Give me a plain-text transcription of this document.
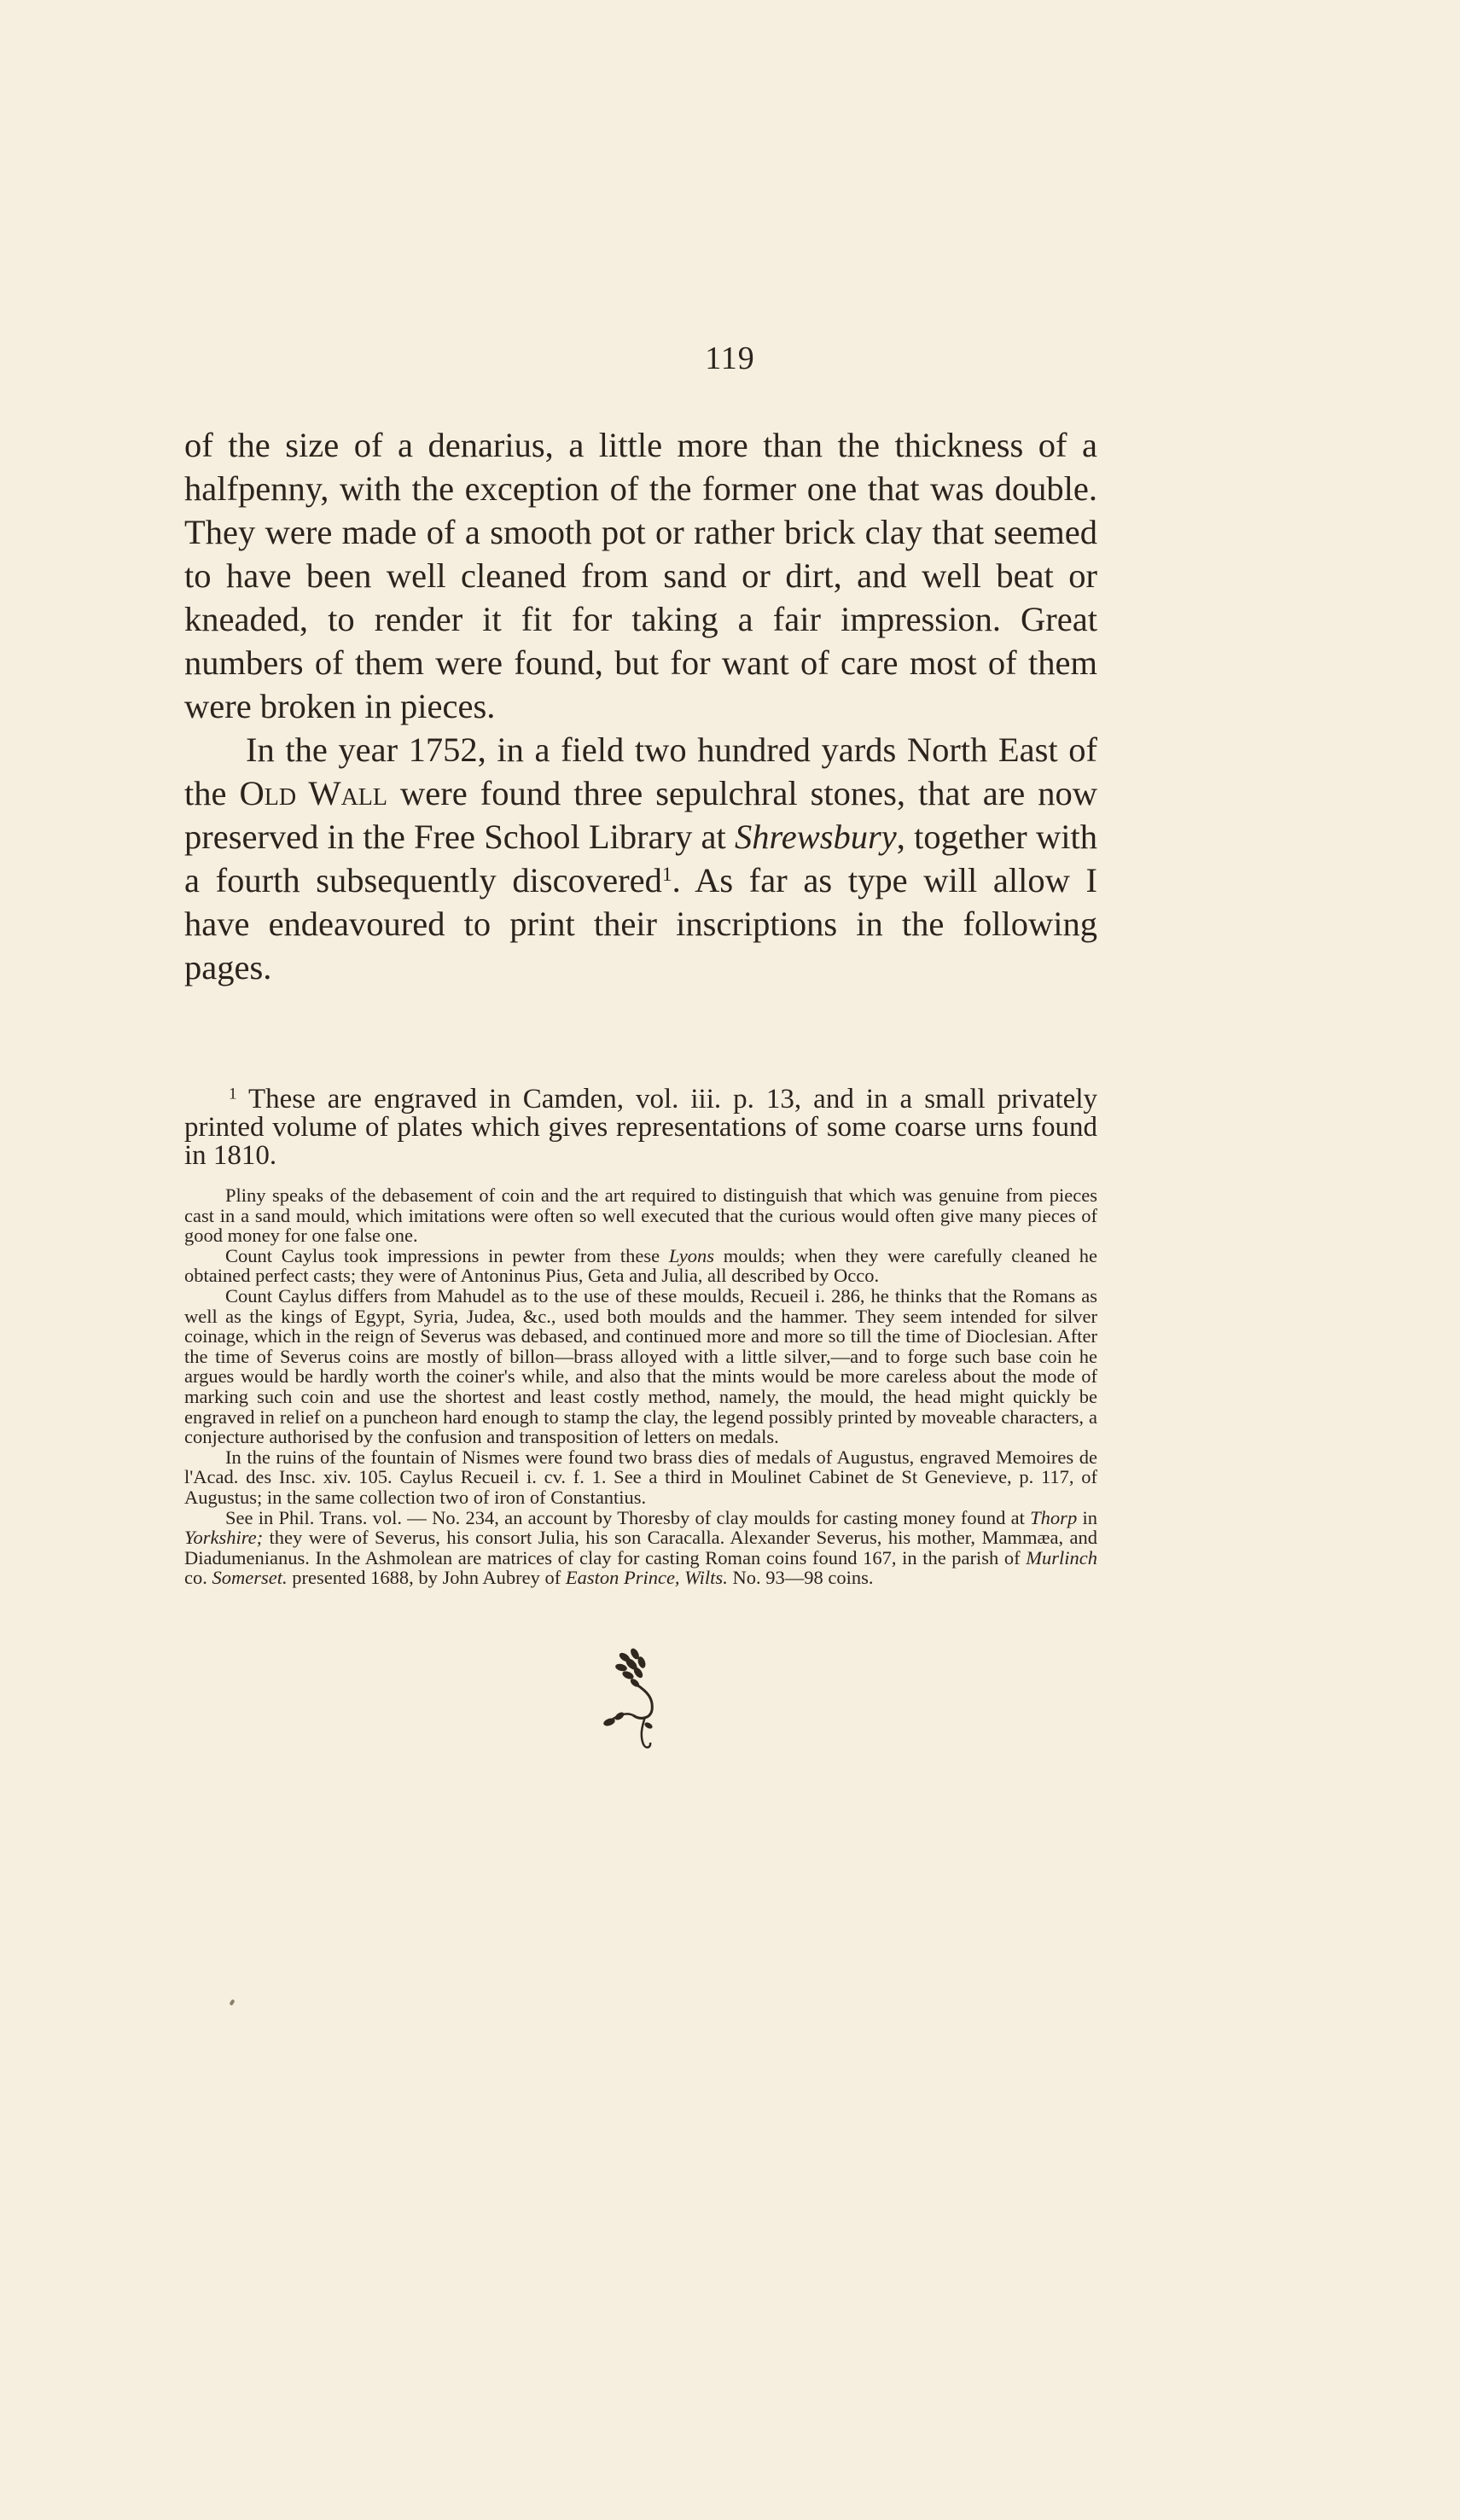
119

of the size of a denarius, a little more than the thickness of a halfpenny, with the exception of the former one that was double. They were made of a smooth pot or rather brick clay that seemed to have been well cleaned from sand or dirt, and well beat or kneaded, to render it fit for taking a fair impression. Great numbers of them were found, but for want of care most of them were broken in pieces.

In the year 1752, in a field two hundred yards North East of the Old Wall were found three sepulchral stones, that are now preserved in the Free School Library at Shrewsbury, together with a fourth subsequently discovered$^1$. As far as type will allow I have endeavoured to print their inscriptions in the following pages.

$^1$ These are engraved in Camden, vol. iii. p. 13, and in a small privately printed volume of plates which gives representations of some coarse urns found in 1810.

Pliny speaks of the debasement of coin and the art required to distinguish that which was genuine from pieces cast in a sand mould, which imitations were often so well executed that the curious would often give many pieces of good money for one false one.

Count Caylus took impressions in pewter from these Lyons moulds; when they were carefully cleaned he obtained perfect casts; they were of Antoninus Pius, Geta and Julia, all described by Occo.

Count Caylus differs from Mahudel as to the use of these moulds, Recueil i. 286, he thinks that the Romans as well as the kings of Egypt, Syria, Judea, &c., used both moulds and the hammer. They seem intended for silver coinage, which in the reign of Severus was debased, and continued more and more so till the time of Dioclesian. After the time of Severus coins are mostly of billon—brass alloyed with a little silver,—and to forge such base coin he argues would be hardly worth the coiner's while, and also that the mints would be more careless about the mode of marking such coin and use the shortest and least costly method, namely, the mould, the head might quickly be engraved in relief on a puncheon hard enough to stamp the clay, the legend possibly printed by moveable characters, a conjecture authorised by the confusion and transposition of letters on medals.

In the ruins of the fountain of Nismes were found two brass dies of medals of Augustus, engraved Memoires de l'Acad. des Insc. xiv. 105. Caylus Recueil i. cv. f. 1. See a third in Moulinet Cabinet de St Genevieve, p. 117, of Augustus; in the same collection two of iron of Constantius.

See in Phil. Trans. vol. — No. 234, an account by Thoresby of clay moulds for casting money found at Thorp in Yorkshire; they were of Severus, his consort Julia, his son Caracalla. Alexander Severus, his mother, Mammæa, and Diadumenianus. In the Ashmolean are matrices of clay for casting Roman coins found 167, in the parish of Murlinch co. Somerset. presented 1688, by John Aubrey of Easton Prince, Wilts. No. 93—98 coins.
